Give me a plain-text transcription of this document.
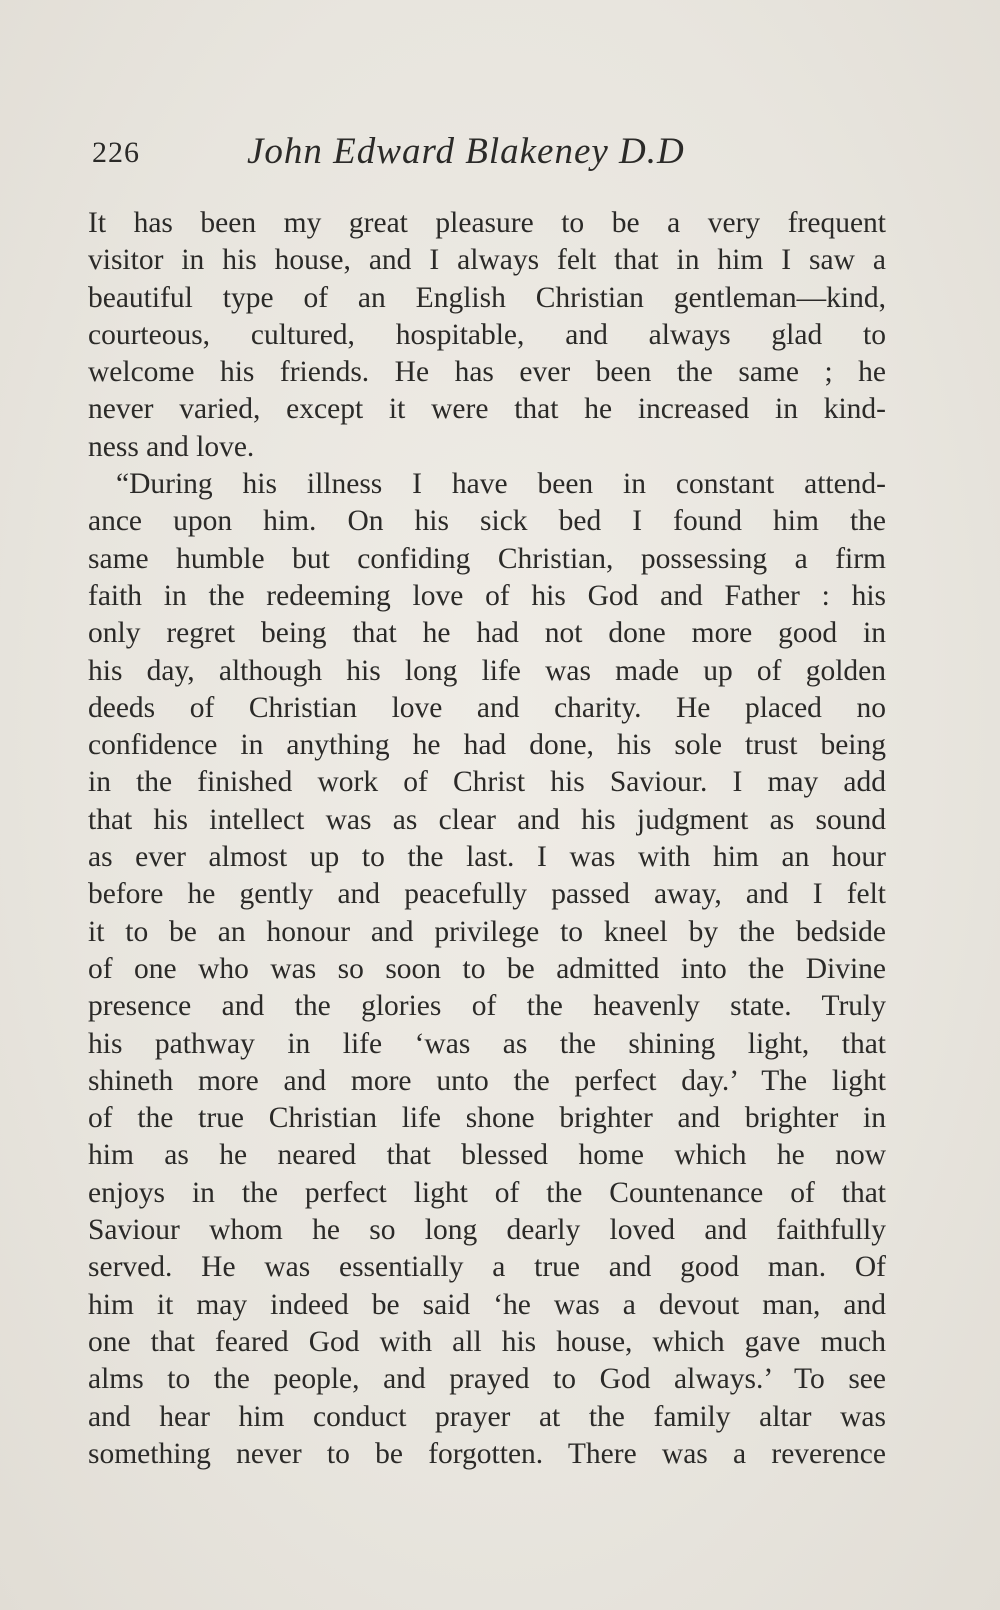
226	John Edward Blakeney D.D
It has been my great pleasure to be a very frequent
visitor in his house, and I always felt that in him I saw a
beautiful type of an English Christian gentleman—kind,
courteous, cultured, hospitable, and always glad to
welcome his friends. He has ever been the same ; he
never varied, except it were that he increased in kind-
ness and love.
“During his illness I have been in constant attend-
ance upon him. On his sick bed I found him the
same humble but confiding Christian, possessing a firm
faith in the redeeming love of his God and Father : his
only regret being that he had not done more good in
his day, although his long life was made up of golden
deeds of Christian love and charity. He placed no
confidence in anything he had done, his sole trust being
in the finished work of Christ his Saviour. I may add
that his intellect was as clear and his judgment as sound
as ever almost up to the last. I was with him an hour
before he gently and peacefully passed away, and I felt
it to be an honour and privilege to kneel by the bedside
of one who was so soon to be admitted into the Divine
presence and the glories of the heavenly state. Truly
his pathway in life ‘was as the shining light, that
shineth more and more unto the perfect day.’ The light
of the true Christian life shone brighter and brighter in
him as he neared that blessed home which he now
enjoys in the perfect light of the Countenance of that
Saviour whom he so long dearly loved and faithfully
served. He was essentially a true and good man. Of
him it may indeed be said ‘he was a devout man, and
one that feared God with all his house, which gave much
alms to the people, and prayed to God always.’ To see
and hear him conduct prayer at the family altar was
something never to be forgotten. There was a reverence
